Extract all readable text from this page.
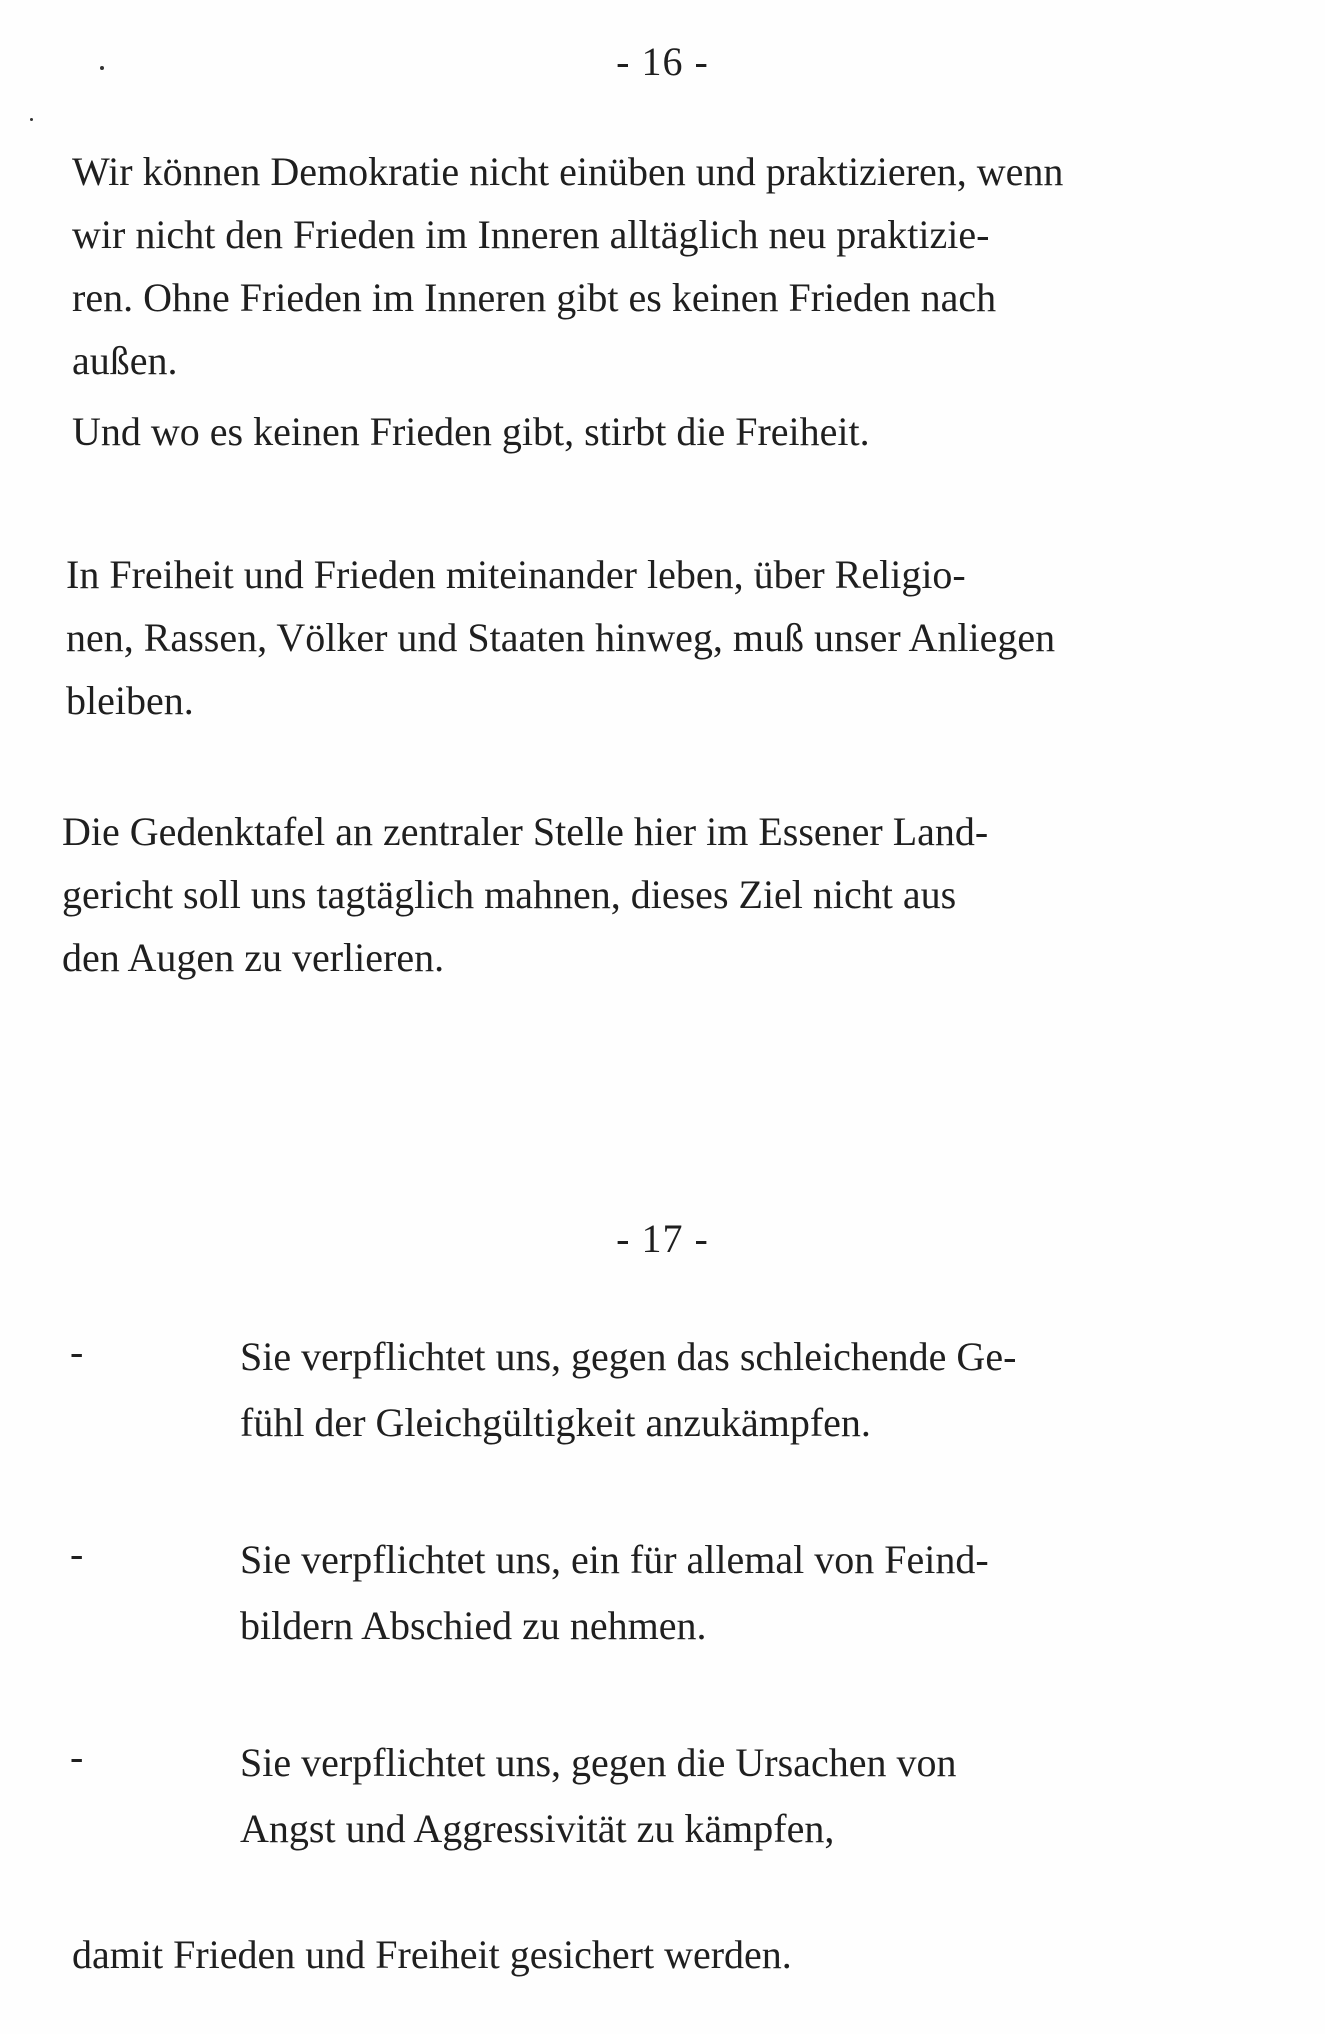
- 16 -
Wir können Demokratie nicht einüben und praktizieren, wenn
wir nicht den Frieden im Inneren alltäglich neu praktizie-
ren. Ohne Frieden im Inneren gibt es keinen Frieden nach
außen.
Und wo es keinen Frieden gibt, stirbt die Freiheit.
In Freiheit und Frieden miteinander leben, über Religio-
nen, Rassen, Völker und Staaten hinweg, muß unser Anliegen
bleiben.
Die Gedenktafel an zentraler Stelle hier im Essener Land-
gericht soll uns tagtäglich mahnen, dieses Ziel nicht aus
den Augen zu verlieren.
- 17 -
-	Sie verpflichtet uns, gegen das schleichende Ge-
fühl der Gleichgültigkeit anzukämpfen.
-	Sie verpflichtet uns, ein für allemal von Feind-
bildern Abschied zu nehmen.
-	Sie verpflichtet uns, gegen die Ursachen von
Angst und Aggressivität zu kämpfen,
damit Frieden und Freiheit gesichert werden.
